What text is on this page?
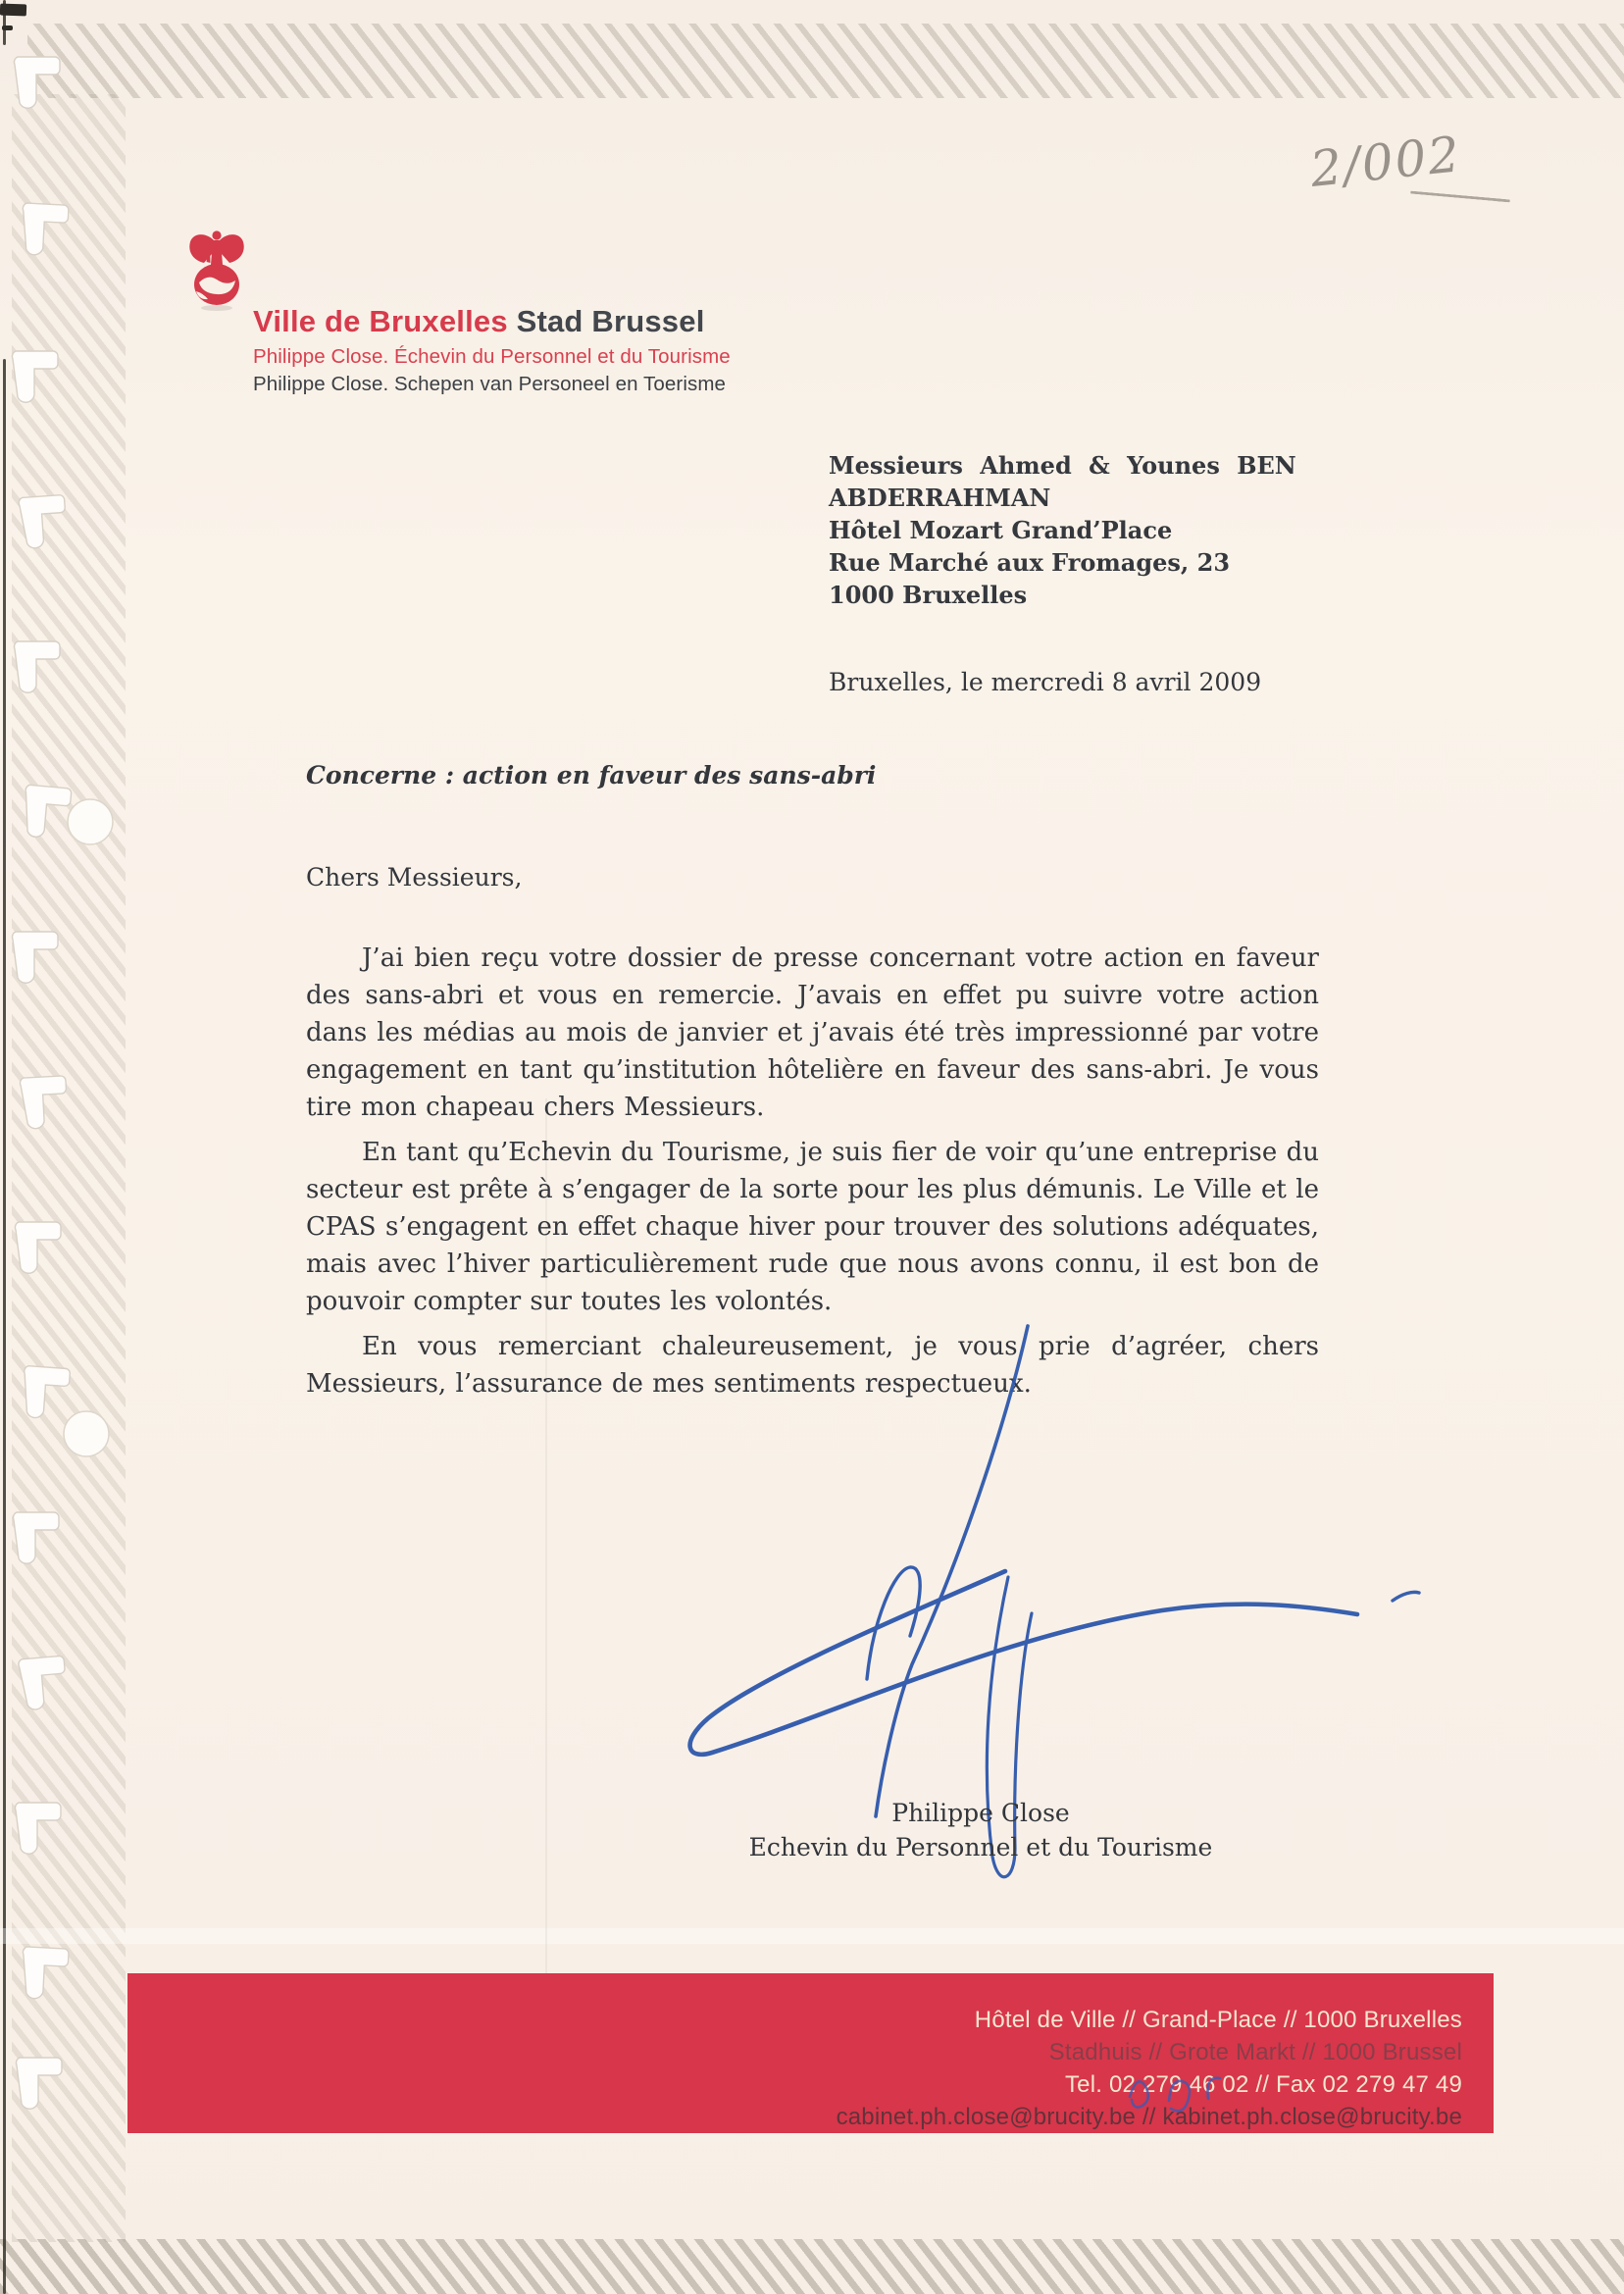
2/002
Ville de Bruxelles Stad Brussel
Philippe Close. Échevin du Personnel et du Tourisme
Philippe Close. Schepen van Personeel en Toerisme
Messieurs Ahmed & Younes BEN
ABDERRAHMAN
Hôtel Mozart Grand’Place
Rue Marché aux Fromages, 23
1000 Bruxelles
Bruxelles, le mercredi 8 avril 2009
Concerne : action en faveur des sans-abri
Chers Messieurs,

J’ai bien reçu votre dossier de presse concernant votre action en faveur des sans-abri et vous en remercie. J’avais en effet pu suivre votre action dans les médias au mois de janvier et j’avais été très impressionné par votre engagement en tant qu’institution hôtelière en faveur des sans-abri. Je vous tire mon chapeau chers Messieurs.

En tant qu’Echevin du Tourisme, je suis fier de voir qu’une entreprise du secteur est prête à s’engager de la sorte pour les plus démunis. Le Ville et le CPAS s’engagent en effet chaque hiver pour trouver des solutions adéquates, mais avec l’hiver particulièrement rude que nous avons connu, il est bon de pouvoir compter sur toutes les volontés.

En vous remerciant chaleureusement, je vous prie d’agréer, chers Messieurs, l’assurance de mes sentiments respectueux.

Philippe Close
Echevin du Personnel et du Tourisme
Hôtel de Ville // Grand-Place // 1000 Bruxelles
Stadhuis // Grote Markt // 1000 Brussel
Tel. 02 279 46 02 // Fax 02 279 47 49
cabinet.ph.close@brucity.be // kabinet.ph.close@brucity.be
